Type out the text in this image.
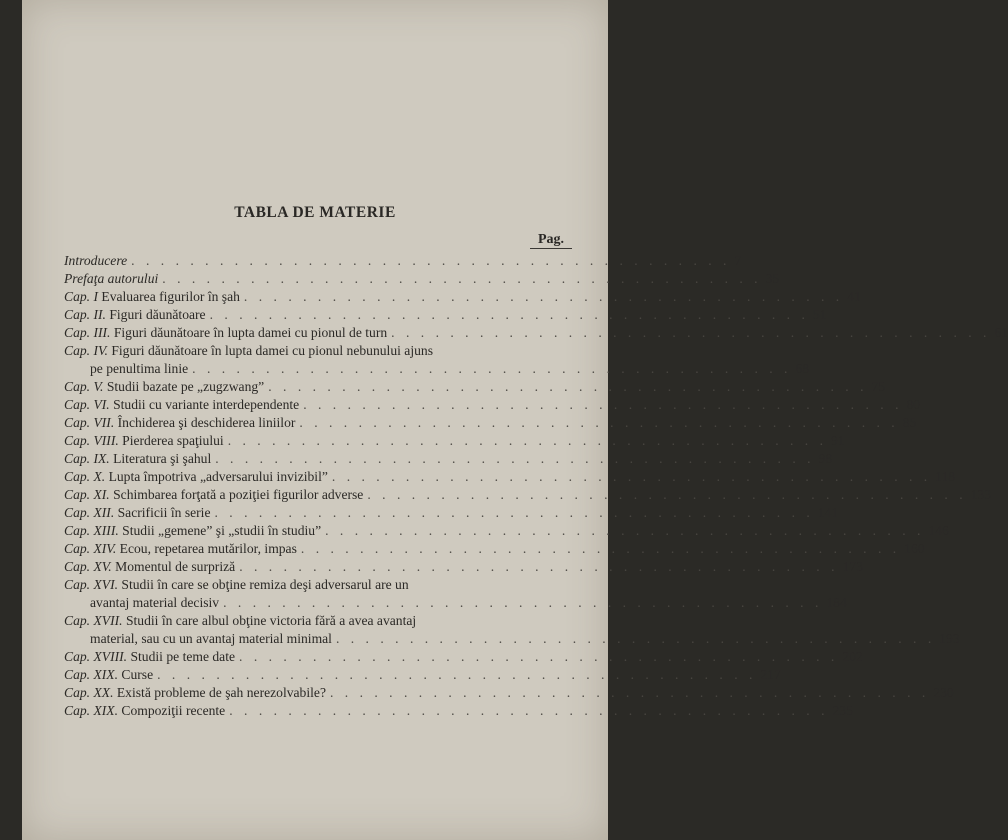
TABLA DE MATERIE
Pag.
Introducere . . . . . . . . . . . . . . . . . . . . . . . . . . . . . . . . . . . . . . . . . 7
Prefaţa autorului . . . . . . . . . . . . . . . . . . . . . . . . . . . . . . . . . . . . . . . . . 35
Cap. I Evaluarea figurilor în şah . . . . . . . . . . . . . . . . . . . . . . . . . . . . . . . . . . . . . . . . . 41
Cap. II. Figuri dăunătoare . . . . . . . . . . . . . . . . . . . . . . . . . . . . . . . . . . . . . . . . . 51
Cap. III. Figuri dăunătoare în lupta damei cu pionul de turn . . . . . . . . . . . . . . . . . . . . . . . . . . . . . . . . . . . . . . . . . 61
Cap. IV. Figuri dăunătoare în lupta damei cu pionul nebunului ajuns
pe penultima linie . . . . . . . . . . . . . . . . . . . . . . . . . . . . . . . . . . . . . . . . . 68
Cap. V. Studii bazate pe „zugzwang” . . . . . . . . . . . . . . . . . . . . . . . . . . . . . . . . . . . . . . . . . 75
Cap. VI. Studii cu variante interdependente . . . . . . . . . . . . . . . . . . . . . . . . . . . . . . . . . . . . . . . . . 80
Cap. VII. Închiderea şi deschiderea liniilor . . . . . . . . . . . . . . . . . . . . . . . . . . . . . . . . . . . . . . . . . 85
Cap. VIII. Pierderea spaţiului . . . . . . . . . . . . . . . . . . . . . . . . . . . . . . . . . . . . . . . . . 91
Cap. IX. Literatura şi şahul . . . . . . . . . . . . . . . . . . . . . . . . . . . . . . . . . . . . . . . . . 98
Cap. X. Lupta împotriva „adversarului invizibil” . . . . . . . . . . . . . . . . . . . . . . . . . . . . . . . . . . . . . . . . . 118
Cap. XI. Schimbarea forţată a poziţiei figurilor adverse . . . . . . . . . . . . . . . . . . . . . . . . . . . . . . . . . . . . . . . . . 133
Cap. XII. Sacrificii în serie . . . . . . . . . . . . . . . . . . . . . . . . . . . . . . . . . . . . . . . . . 141
Cap. XIII. Studii „gemene” şi „studii în studiu” . . . . . . . . . . . . . . . . . . . . . . . . . . . . . . . . . . . . . . . . . 146
Cap. XIV. Ecou, repetarea mutărilor, impas . . . . . . . . . . . . . . . . . . . . . . . . . . . . . . . . . . . . . . . . . 160
Cap. XV. Momentul de surpriză . . . . . . . . . . . . . . . . . . . . . . . . . . . . . . . . . . . . . . . . . 173
Cap. XVI. Studii în care se obţine remiza deşi adversarul are un
avantaj material decisiv . . . . . . . . . . . . . . . . . . . . . . . . . . . . . . . . . . . . . . . . . 184
Cap. XVII. Studii în care albul obţine victoria fără a avea avantaj
material, sau cu un avantaj material minimal . . . . . . . . . . . . . . . . . . . . . . . . . . . . . . . . . . . . . . . . . 193
Cap. XVIII. Studii pe teme date . . . . . . . . . . . . . . . . . . . . . . . . . . . . . . . . . . . . . . . . . 202
Cap. XIX. Curse . . . . . . . . . . . . . . . . . . . . . . . . . . . . . . . . . . . . . . . . . 217
Cap. XX. Există probleme de şah nerezolvabile? . . . . . . . . . . . . . . . . . . . . . . . . . . . . . . . . . . . . . . . . . 230
Cap. XIX. Compoziţii recente . . . . . . . . . . . . . . . . . . . . . . . . . . . . . . . . . . . . . . . . . 235
